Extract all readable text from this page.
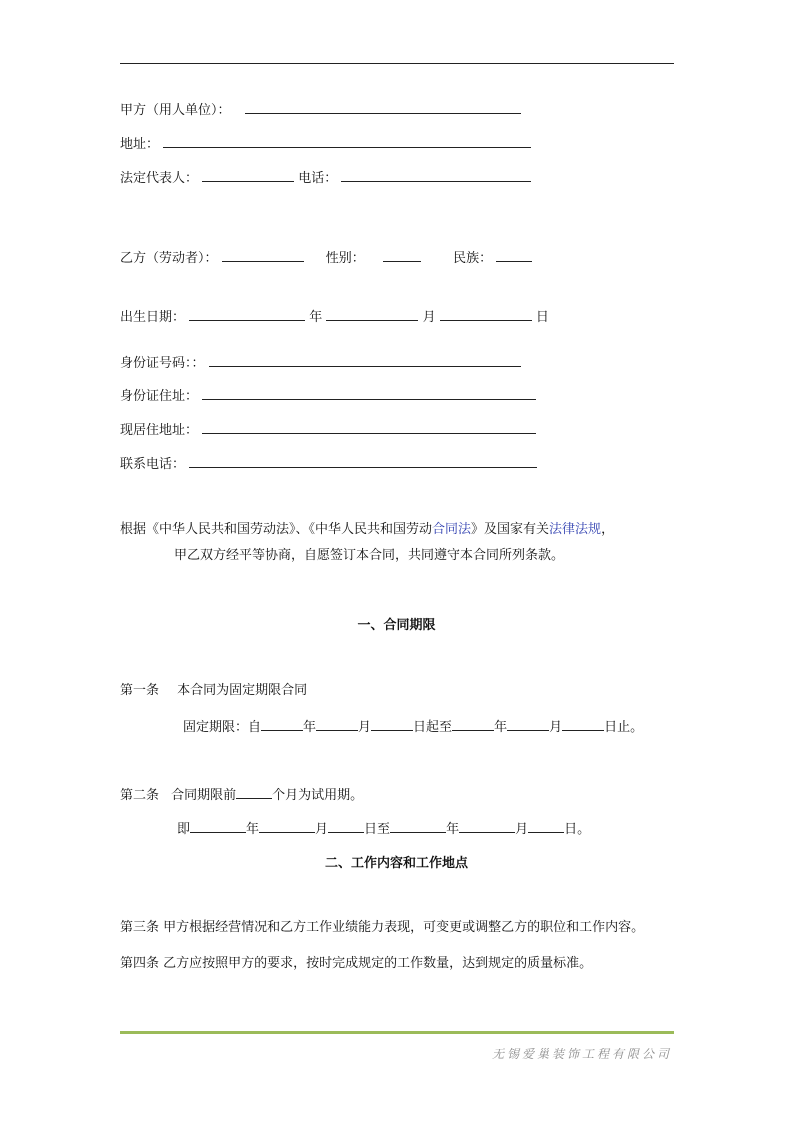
甲方（用人单位）：
地址：
法定代表人：	电话：
乙方（劳动者）：	性别：	民族：
出生日期：	年	月	日
身份证号码：：
身份证住址：
现居住地址：
联系电话：
根据《中华人民共和国劳动法》、《中华人民共和国劳动合同法》及国家有关法律法规，
甲乙双方经平等协商，自愿签订本合同，共同遵守本合同所列条款。
一、合同期限
第一条 本合同为固定期限合同
固定期限：自	年	月	日起至	年	月	日止。
第二条 合同期限前	个月为试用期。
即	年	月	日至	年	月	日。
二、工作内容和工作地点
第三条 甲方根据经营情况和乙方工作业绩能力表现，可变更或调整乙方的职位和工作内容。
第四条 乙方应按照甲方的要求，按时完成规定的工作数量，达到规定的质量标准。
无锡爱巢装饰工程有限公司
